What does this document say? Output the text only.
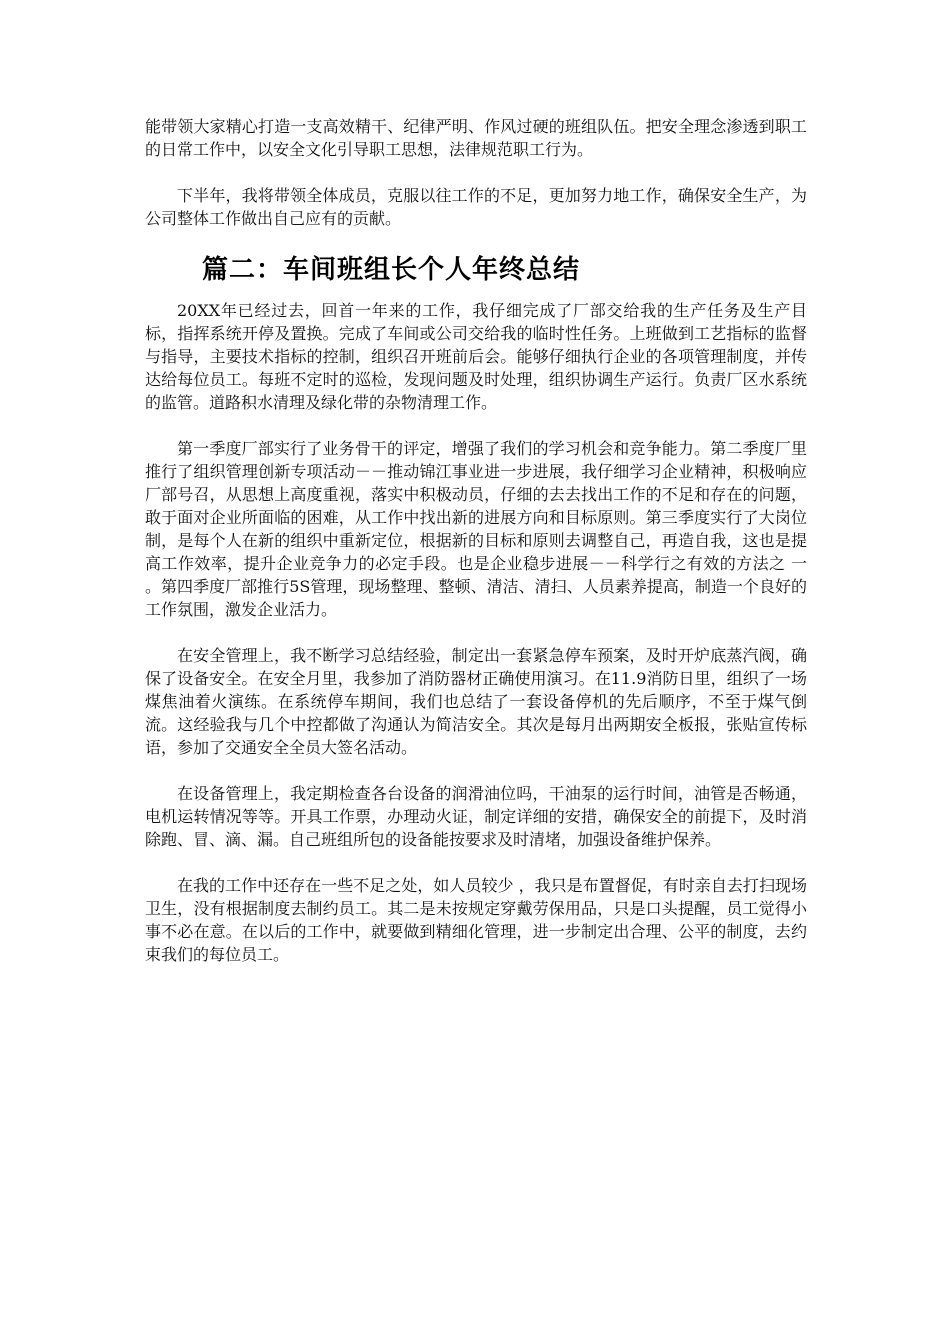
能带领大家精心打造一支高效精干、纪律严明、作风过硬的班组队伍。把安全理念渗透到职工的日常工作中，以安全文化引导职工思想，法律规范职工行为。

下半年，我将带领全体成员，克服以往工作的不足，更加努力地工作，确保安全生产，为公司整体工作做出自己应有的贡献。

篇二：车间班组长个人年终总结

20XX年已经过去，回首一年来的工作，我仔细完成了厂部交给我的生产任务及生产目标，指挥系统开停及置换。完成了车间或公司交给我的临时性任务。上班做到工艺指标的监督与指导，主要技术指标的控制，组织召开班前后会。能够仔细执行企业的各项管理制度，并传达给每位员工。每班不定时的巡检，发现问题及时处理，组织协调生产运行。负责厂区水系统的监管。道路积水清理及绿化带的杂物清理工作。

第一季度厂部实行了业务骨干的评定，增强了我们的学习机会和竞争能力。第二季度厂里推行了组织管理创新专项活动－－推动锦江事业进一步进展，我仔细学习企业精神，积极响应厂部号召，从思想上高度重视，落实中积极动员，仔细的去去找出工作的不足和存在的问题，敢于面对企业所面临的困难，从工作中找出新的进展方向和目标原则。第三季度实行了大岗位制，是每个人在新的组织中重新定位，根据新的目标和原则去调整自己，再造自我，这也是提高工作效率，提升企业竞争力的必定手段。也是企业稳步进展－－科学行之有效的方法之 一 。第四季度厂部推行5S管理，现场整理、整顿、清洁、清扫、人员素养提高，制造一个良好的工作氛围，激发企业活力。

在安全管理上，我不断学习总结经验，制定出一套紧急停车预案，及时开炉底蒸汽阀，确保了设备安全。在安全月里，我参加了消防器材正确使用演习。在11.9消防日里，组织了一场煤焦油着火演练。在系统停车期间，我们也总结了一套设备停机的先后顺序，不至于煤气倒流。这经验我与几个中控都做了沟通认为简洁安全。其次是每月出两期安全板报，张贴宣传标语，参加了交通安全全员大签名活动。

在设备管理上，我定期检查各台设备的润滑油位吗，干油泵的运行时间，油管是否畅通，电机运转情况等等。开具工作票，办理动火证，制定详细的安措，确保安全的前提下，及时消除跑、冒、滴、漏。自己班组所包的设备能按要求及时清堵，加强设备维护保养。

在我的工作中还存在一些不足之处，如人员较少 ，我只是布置督促，有时亲自去打扫现场卫生，没有根据制度去制约员工。其二是未按规定穿戴劳保用品，只是口头提醒，员工觉得小事不必在意。在以后的工作中，就要做到精细化管理，进一步制定出合理、公平的制度，去约束我们的每位员工。
